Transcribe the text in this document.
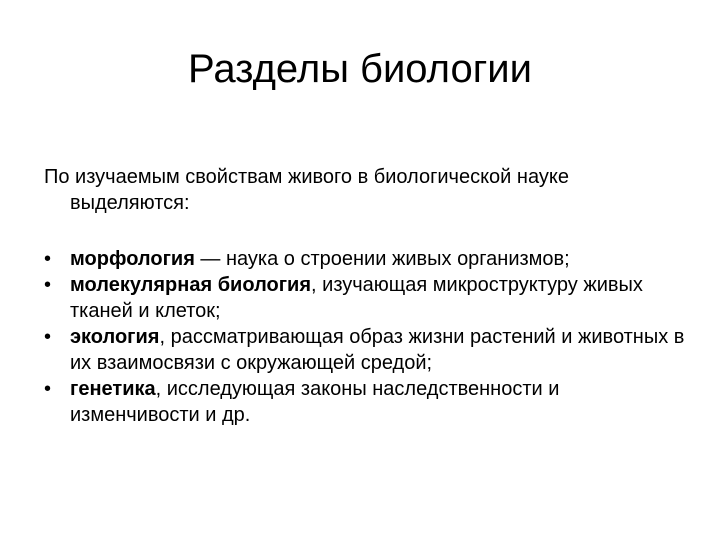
Разделы биологии

По изучаемым свойствам живого в биологической науке выделяются:

• морфология — наука о строении живых организмов;
• молекулярная биология, изучающая микроструктуру живых тканей и клеток;
• экология, рассматривающая образ жизни растений и животных в их взаимосвязи с окружающей средой;
• генетика, исследующая законы наследственности и изменчивости и др.
